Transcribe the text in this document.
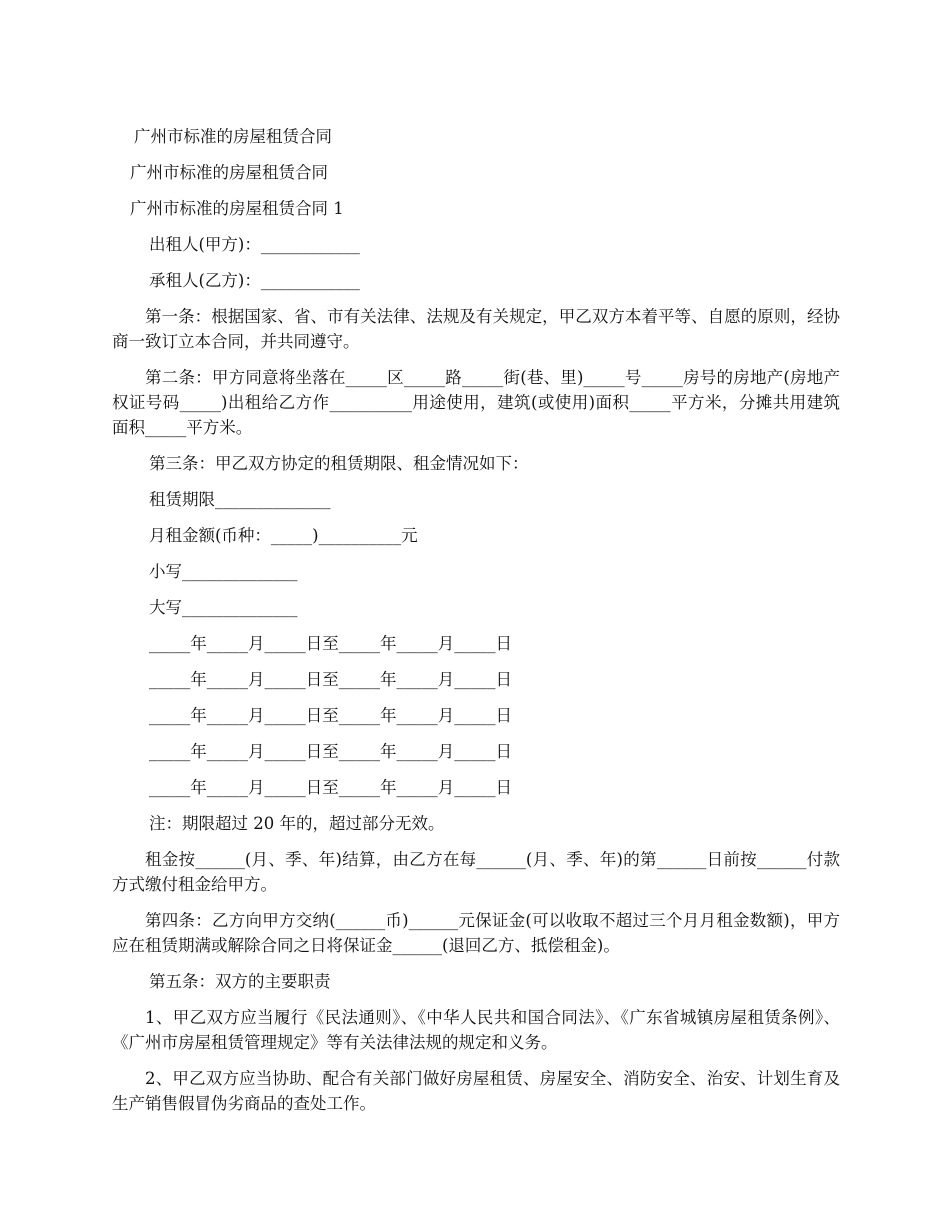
广州市标准的房屋租赁合同

广州市标准的房屋租赁合同

广州市标准的房屋租赁合同 1

出租人(甲方)：____________

承租人(乙方)：____________

第一条：根据国家、省、市有关法律、法规及有关规定，甲乙双方本着平等、自愿的原则，经协商一致订立本合同，并共同遵守。

第二条：甲方同意将坐落在_____区_____路_____街(巷、里)_____号_____房号的房地产(房地产权证号码_____)出租给乙方作__________用途使用，建筑(或使用)面积_____平方米，分摊共用建筑面积_____平方米。

第三条：甲乙双方协定的租赁期限、租金情况如下：

租赁期限______________

月租金额(币种：_____)__________元

小写______________

大写______________

_____年_____月_____日至_____年_____月_____日

_____年_____月_____日至_____年_____月_____日

_____年_____月_____日至_____年_____月_____日

_____年_____月_____日至_____年_____月_____日

_____年_____月_____日至_____年_____月_____日

注：期限超过 20 年的，超过部分无效。

租金按______(月、季、年)结算，由乙方在每______(月、季、年)的第______日前按______付款方式缴付租金给甲方。

第四条：乙方向甲方交纳(______币)______元保证金(可以收取不超过三个月月租金数额)，甲方应在租赁期满或解除合同之日将保证金______(退回乙方、抵偿租金)。

第五条：双方的主要职责

1、甲乙双方应当履行《民法通则》、《中华人民共和国合同法》、《广东省城镇房屋租赁条例》、《广州市房屋租赁管理规定》等有关法律法规的规定和义务。

2、甲乙双方应当协助、配合有关部门做好房屋租赁、房屋安全、消防安全、治安、计划生育及生产销售假冒伪劣商品的查处工作。
